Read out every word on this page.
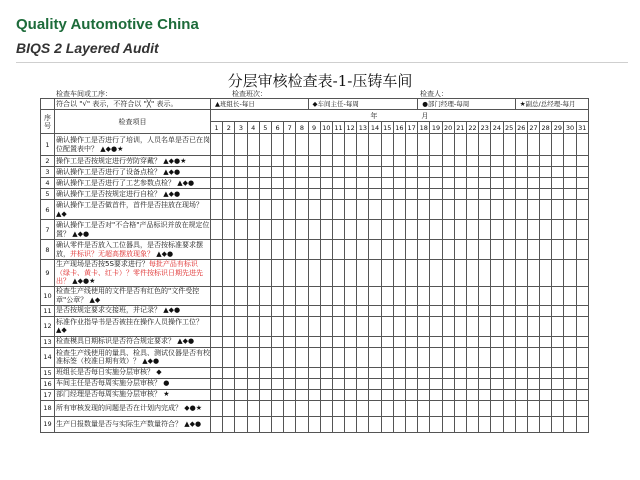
Quality Automotive China
BIQS 2 Layered Audit
分层审核检查表-1-压铸车间
检查车间或工序：	检查班次：	检查人：
	符合以 "√" 表示，不符合以 "╳" 表示。	▲班组长-每日								◆车间主任-每周									●部门经理-每周								★副总/总经理-每月					
序号	检查项目	年 月																														
		1	2	3	4	5	6	7	8	9	10	11	12	13	14	15	16	17	18	19	20	21	22	23	24	25	26	27	28	29	30	31
1	确认操作工是否进行了培训，人员名单是否已在岗位配置表中？ ▲◆●★																															
2	操作工是否按规定进行劳防穿戴？ ▲◆●★																															
3	确认操作工是否进行了设备点检？ ▲◆●																															
4	确认操作工是否进行了工艺参数点检？ ▲◆●																															
5	确认操作工是否按规定进行自检？ ▲◆●																															
6	确认操作工是否做首件，首件是否挂放在现场？ ▲◆																															
7	确认操作工是否对"不合格"产品标识并放在规定位置？ ▲◆●																															
8	确认零件是否放入工位器具，是否按标准要求摆放，并标识？无超高摆放现象？ ▲◆●																															
9	生产现场是否按5S要求进行？每批产品有标识（绿卡、黄卡、红卡）？零件按标识日期先进先出？ ▲◆●★																															
10	检查生产线使用的文件是否有红色的"文件受控章"公章？ ▲◆																															
11	是否按规定要求交接班，并记录？ ▲◆●																															
12	标准作业指导书是否被挂在操作人员操作工位？ ▲◆																															
13	检查模具日期标识是否符合规定要求？ ▲◆●																															
14	检查生产线使用的量具、检具、测试仪器是否有校准标签（校准日期有效）？ ▲◆●																															
15	班组长是否每日实施分层审核？ ◆																															
16	车间主任是否每周实施分层审核？ ●																															
17	部门经理是否每周实施分层审核？ ★																															
18	所有审核发现的问题是否在计划内完成？ ◆●★																															
19	生产日报数量是否与实际生产数量符合？ ▲◆●																															
